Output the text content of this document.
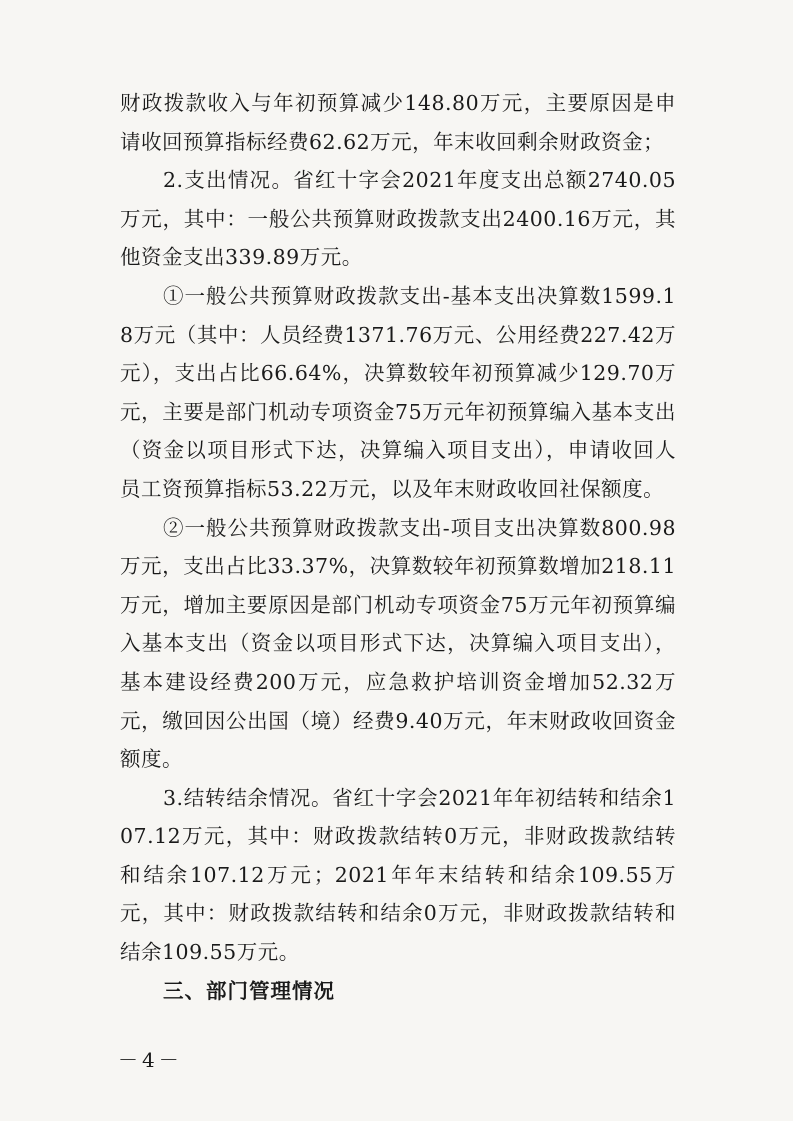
财政拨款收入与年初预算减少148.80万元，主要原因是申请收回预算指标经费62.62万元，年末收回剩余财政资金；

2.支出情况。省红十字会2021年度支出总额2740.05万元，其中：一般公共预算财政拨款支出2400.16万元，其他资金支出339.89万元。

①一般公共预算财政拨款支出-基本支出决算数1599.18万元（其中：人员经费1371.76万元、公用经费227.42万元），支出占比66.64%，决算数较年初预算减少129.70万元，主要是部门机动专项资金75万元年初预算编入基本支出（资金以项目形式下达，决算编入项目支出），申请收回人员工资预算指标53.22万元，以及年末财政收回社保额度。

②一般公共预算财政拨款支出-项目支出决算数800.98万元，支出占比33.37%，决算数较年初预算数增加218.11万元，增加主要原因是部门机动专项资金75万元年初预算编入基本支出（资金以项目形式下达，决算编入项目支出），基本建设经费200万元，应急救护培训资金增加52.32万元，缴回因公出国（境）经费9.40万元，年末财政收回资金额度。

3.结转结余情况。省红十字会2021年年初结转和结余107.12万元，其中：财政拨款结转0万元，非财政拨款结转和结余107.12万元；2021年年末结转和结余109.55万元，其中：财政拨款结转和结余0万元，非财政拨款结转和结余109.55万元。

三、部门管理情况

－4－
